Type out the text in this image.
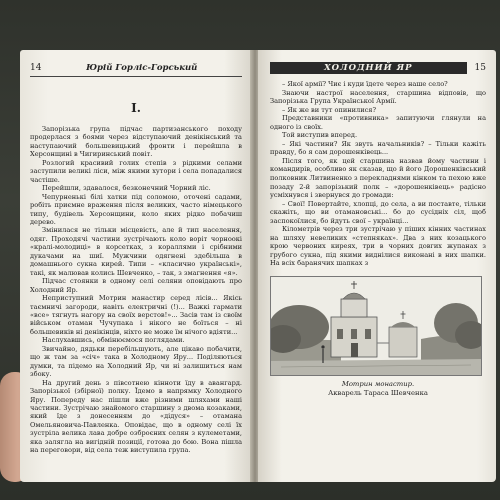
14	Юрій Горліс-Горський
I.

Запорізька група підчас партизанського походу продерлася з боями через відступаючий денікінський та наступаючий большевицький фронти і перейшла в Херсонщині в Чигиринський повіт.

Розлогий красивий голих степів з рідкими селами заступили великі ліси, між якими хутори і села попадалися частіше.

Перейшли, здавалося, безконечний Чорний ліс.

Чепурненькі білі хатки під соломою, оточені садами, робіть приємне враження після великих, часто німецького типу, будівель Херсонщини, коло яких рідко побачиш дерево.

Змінилася не тільки місцевість, але й тип населення, одяг. Проходячі частини зустрічають коло воріт чорноокі «кралі-молодиці» в корсетках, з кораллями і срібними дукачами на шиї. Мужчини одягнені здебільша в домашнього сукна кирей. Типи – «класично українські», такі, як малював колись Шевченко, – так, з змагнення «я».

Підчас стоянки в одному селі селяни оповідають про Холодний Яр.

Неприступний Мотрин манастир серед лісів... Якісь таємничі загороди, навіть електричні (!)... Важкі гармати «все» тягнуть нагору на своїх верстов!»... Засів там із своїм військом отаман Чучупака і нікого не боїться – ні большевиків ні денікінців, ніхто не може їм нічого вдіяти...

Наслухавшись, обмінюємося поглядами.

Звичайно, дядьки перебільшують, але цікаво побачити, що ж там за «січ» така в Холодному Яру... Поділяються думки, та підемо на Холодний Яр, чи ні залишиться нам збоку.

На другий день з півсотнею кінноти їду в авангард. Запорізької (збірної) полку. Їдемо в напрямку Холодного Яру. Попереду нас пішли вже різними шляхами наші частини. Зустрічаю знайомого старшину з двома козаками, який їде з донесенням до «дідуся» – отамана Омельяновича-Павленка. Оповідає, що в одному селі їх зустріла велика лава добре озброєних селян з кулеметами, яка залягла на вигідній позиції, готова до бою. Вона пішла на переговори, від села теж виступила група.

ХОЛОДНИЙ ЯР	15

– Якої армії? Чиє і куди їдете через наше село?

Знаючи настрої населення, старшина відповів, що Запорізька Група Української Армії.

– Як же ви тут опинилися?

Представники «противника» запитуючи глянули на одного із своїх.

Той виступив вперед.

– Які частини? Як звуть начальників? – Тільки кажіть правду, бо я сам дорошенківець...

Після того, як цей старшина назвав йому частини і командирів, особливо як сказав, що й його Дорошенківський полковник Литвиненко з перекладнями кінком та пехою вже позаду 2-й запорізький полк – «дорошенківець» радісно усміхнувся і звернувся до громади:

– Свої! Повертайте, хлопці, до села, а ви поставте, тільки скажіть, що ви отамановські... бо до сусідніх сіл, щоб заспокоїлися, бо йдуть свої – українці...

Кілометрів через три зустрічаю у піших кінних частинах на шляху невеликих «степняках». Два з них козацького крою червоних киреях, три в чорних довгих жупанах з грубого сукна, під якими виднілися виконані в них шапки. На всіх баранячих шапках з

Мотрин монастир.
Акварель Тараса Шевченка
